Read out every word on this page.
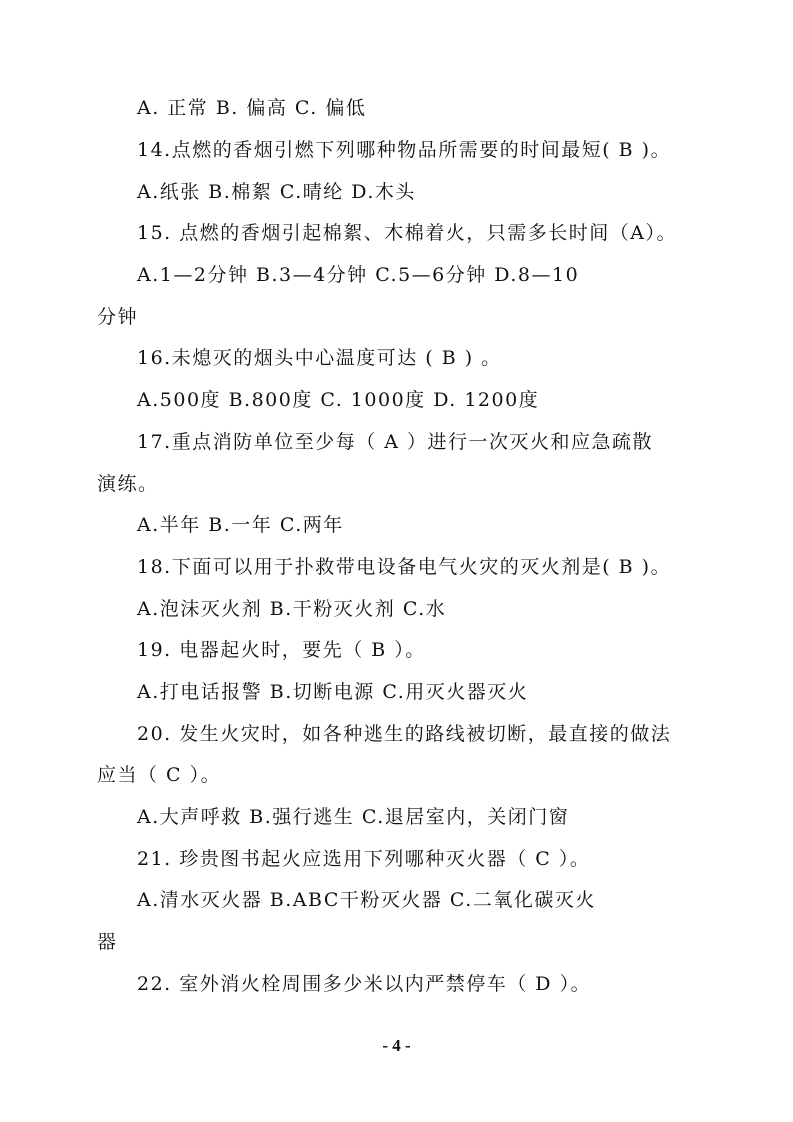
A. 正常 B. 偏高 C. 偏低
14.点燃的香烟引燃下列哪种物品所需要的时间最短( B )。
A.纸张 B.棉絮 C.晴纶 D.木头
15. 点燃的香烟引起棉絮、木棉着火，只需多长时间（A）。
A.1—2分钟 B.3—4分钟 C.5—6分钟 D.8—10
分钟
16.未熄灭的烟头中心温度可达 ( B ) 。
A.500度 B.800度 C. 1000度 D. 1200度
17.重点消防单位至少每（ A ）进行一次灭火和应急疏散
演练。
A.半年 B.一年 C.两年
18.下面可以用于扑救带电设备电气火灾的灭火剂是( B )。
A.泡沫灭火剂 B.干粉灭火剂 C.水
19. 电器起火时，要先（ B ）。
A.打电话报警 B.切断电源 C.用灭火器灭火
20. 发生火灾时，如各种逃生的路线被切断，最直接的做法
应当（ C ）。
A.大声呼救 B.强行逃生 C.退居室内，关闭门窗
21. 珍贵图书起火应选用下列哪种灭火器（ C ）。
A.清水灭火器 B.ABC干粉灭火器 C.二氧化碳灭火
器
22. 室外消火栓周围多少米以内严禁停车（ D ）。
- 4 -
